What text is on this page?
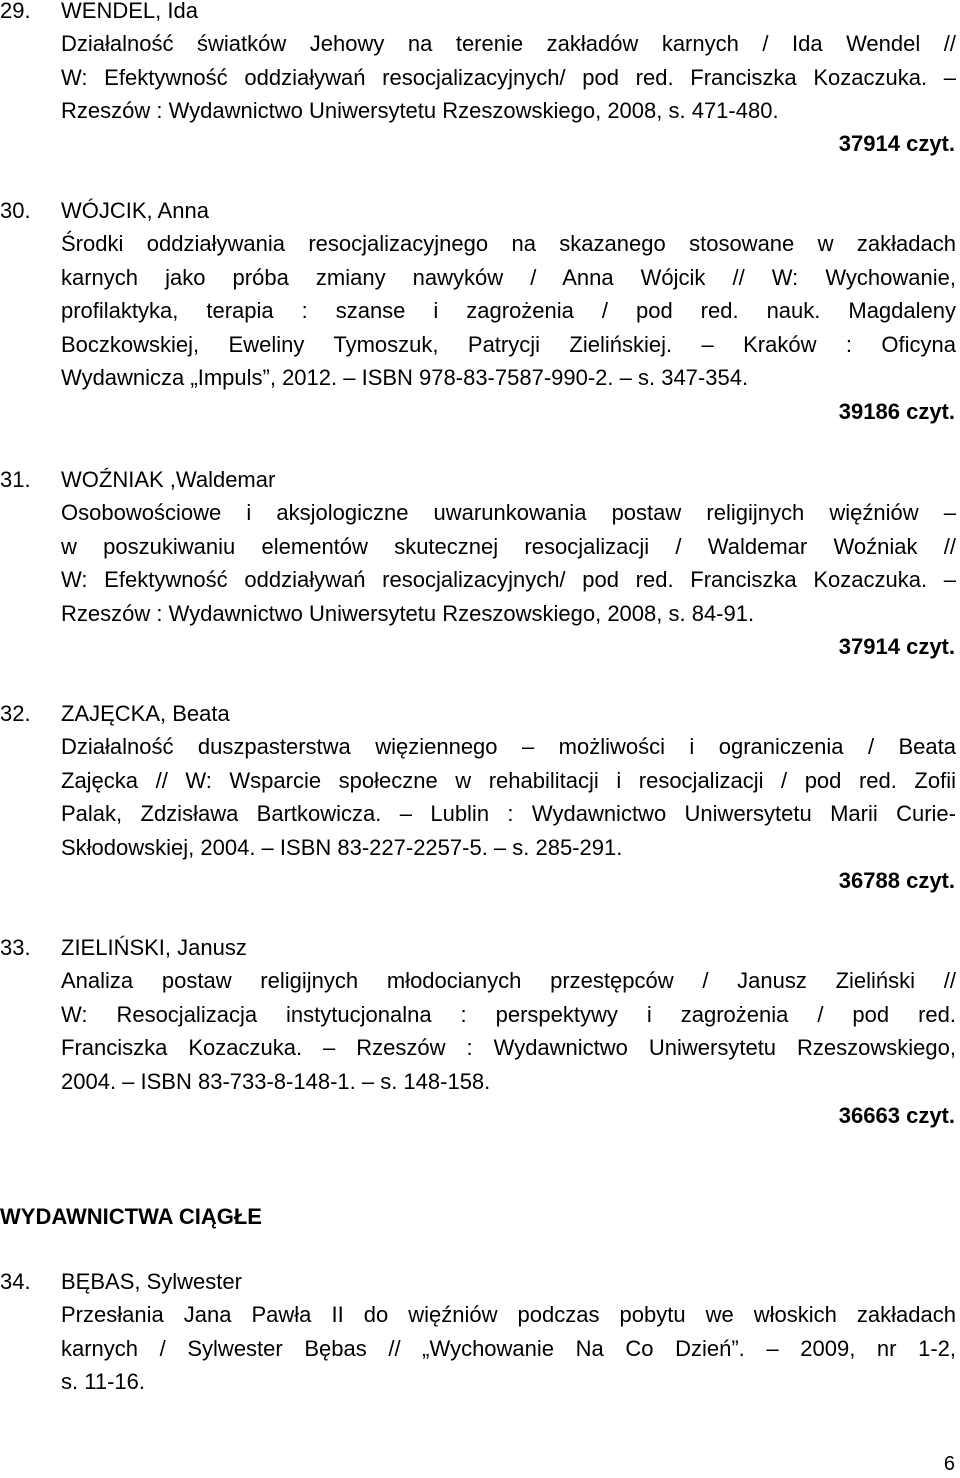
29. WENDEL, Ida
Działalność światków Jehowy na terenie zakładów karnych / Ida Wendel //
W: Efektywność oddziaływań resocjalizacyjnych/ pod red. Franciszka Kozaczuka. –
Rzeszów : Wydawnictwo Uniwersytetu Rzeszowskiego, 2008, s. 471-480.
37914 czyt.
30. WÓJCIK, Anna
Środki oddziaływania resocjalizacyjnego na skazanego stosowane w zakładach
karnych jako próba zmiany nawyków / Anna Wójcik // W: Wychowanie,
profilaktyka, terapia : szanse i zagrożenia / pod red. nauk. Magdaleny
Boczkowskiej, Eweliny Tymoszuk, Patrycji Zielińskiej. – Kraków : Oficyna
Wydawnicza „Impuls”, 2012. – ISBN 978-83-7587-990-2. – s. 347-354.
39186 czyt.
31. WOŹNIAK ,Waldemar
Osobowościowe i aksjologiczne uwarunkowania postaw religijnych więźniów –
w poszukiwaniu elementów skutecznej resocjalizacji / Waldemar Woźniak //
W: Efektywność oddziaływań resocjalizacyjnych/ pod red. Franciszka Kozaczuka. –
Rzeszów : Wydawnictwo Uniwersytetu Rzeszowskiego, 2008, s. 84-91.
37914 czyt.
32. ZAJĘCKA, Beata
Działalność duszpasterstwa więziennego – możliwości i ograniczenia / Beata
Zajęcka // W: Wsparcie społeczne w rehabilitacji i resocjalizacji / pod red. Zofii
Palak, Zdzisława Bartkowicza. – Lublin : Wydawnictwo Uniwersytetu Marii Curie-
Skłodowskiej, 2004. – ISBN 83-227-2257-5. – s. 285-291.
36788 czyt.
33. ZIELIŃSKI, Janusz
Analiza postaw religijnych młodocianych przestępców / Janusz Zieliński //
W: Resocjalizacja instytucjonalna : perspektywy i zagrożenia / pod red.
Franciszka Kozaczuka. – Rzeszów : Wydawnictwo Uniwersytetu Rzeszowskiego,
2004. – ISBN 83-733-8-148-1. – s. 148-158.
36663 czyt.
WYDAWNICTWA CIĄGŁE
34. BĘBAS, Sylwester
Przesłania Jana Pawła II do więźniów podczas pobytu we włoskich zakładach
karnych / Sylwester Bębas // „Wychowanie Na Co Dzień”. – 2009, nr 1-2,
s. 11-16.
6
